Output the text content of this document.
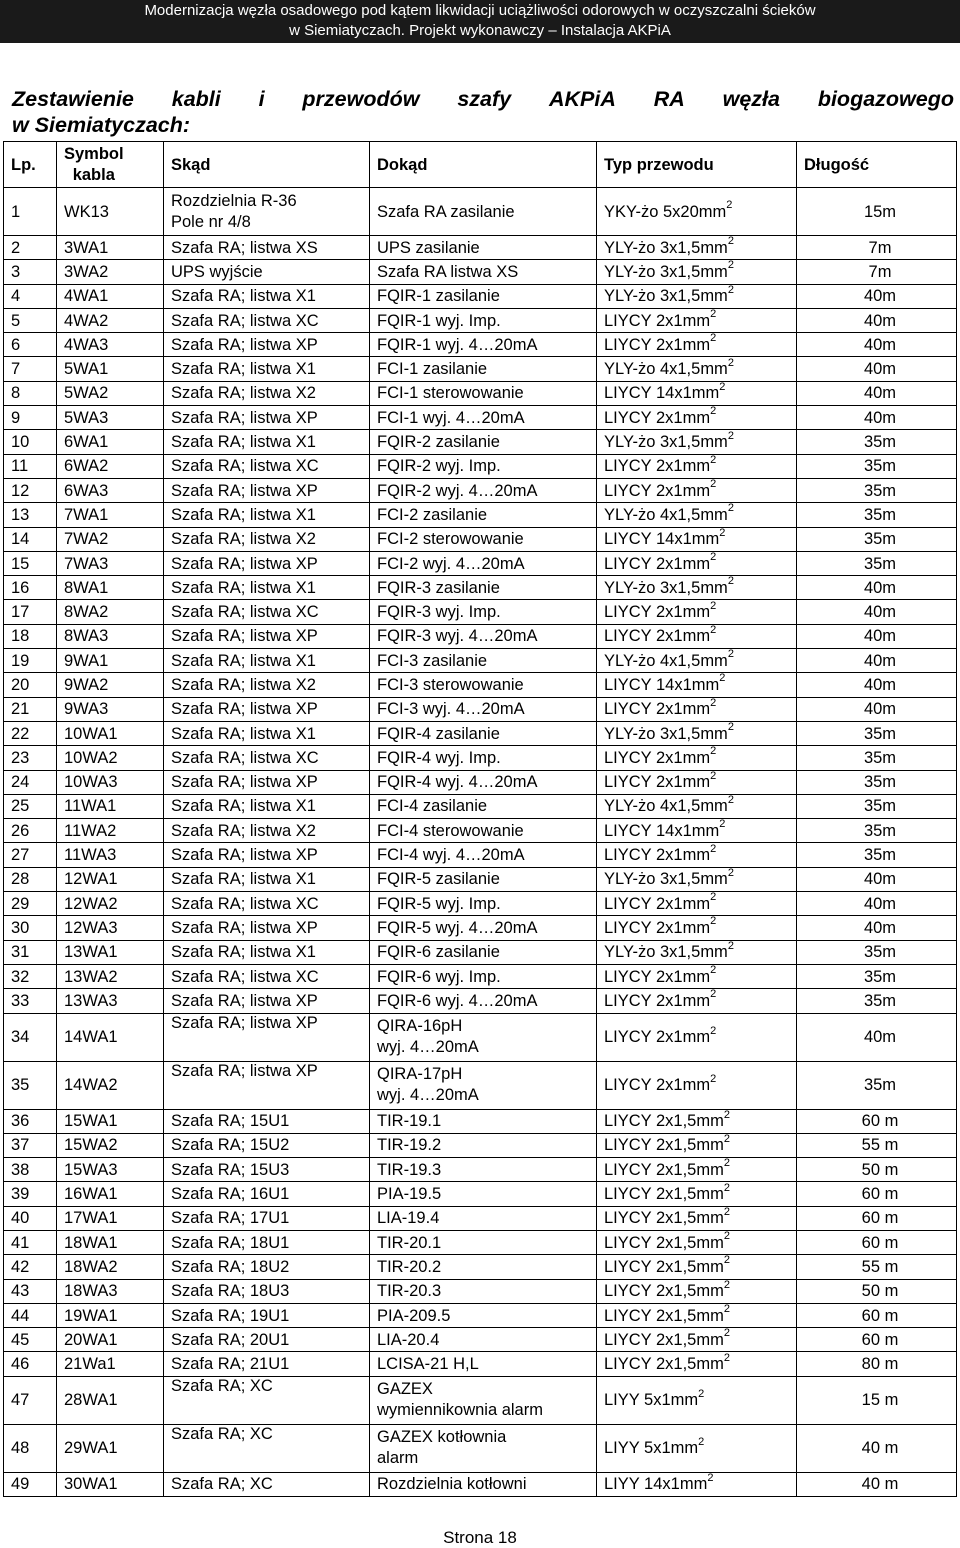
Modernizacja węzła osadowego pod kątem likwidacji uciążliwości odorowych w oczyszczalni ścieków
w Siemiatyczach. Projekt wykonawczy – Instalacja AKPiA
Zestawienie kabli i przewodów szafy AKPiA RA węzła biogazowego
w Siemiatyczach:
Lp.	Symbol
kabla	Skąd	Dokąd	Typ przewodu	Długość
1	WK13	Rozdzielnia R-36
Pole nr 4/8	Szafa RA zasilanie	YKY-żo $5x20mm^2$	15m
2	3WA1	Szafa RA; listwa XS	UPS zasilanie	YLY-żo $3x1,5mm^2$	7m
3	3WA2	UPS wyjście	Szafa RA listwa XS	YLY-żo $3x1,5mm^2$	7m
4	4WA1	Szafa RA; listwa X1	FQIR-1 zasilanie	YLY-żo $3x1,5mm^2$	40m
5	4WA2	Szafa RA; listwa XC	FQIR-1 wyj. Imp.	LIYCY $2x1mm^2$	40m
6	4WA3	Szafa RA; listwa XP	FQIR-1 wyj. 4…20mA	LIYCY $2x1mm^2$	40m
7	5WA1	Szafa RA; listwa X1	FCI-1 zasilanie	YLY-żo $4x1,5mm^2$	40m
8	5WA2	Szafa RA; listwa X2	FCI-1 sterowowanie	LIYCY $14x1mm^2$	40m
9	5WA3	Szafa RA; listwa XP	FCI-1 wyj. 4…20mA	LIYCY $2x1mm^2$	40m
10	6WA1	Szafa RA; listwa X1	FQIR-2 zasilanie	YLY-żo $3x1,5mm^2$	35m
11	6WA2	Szafa RA; listwa XC	FQIR-2 wyj. Imp.	LIYCY $2x1mm^2$	35m
12	6WA3	Szafa RA; listwa XP	FQIR-2 wyj. 4…20mA	LIYCY $2x1mm^2$	35m
13	7WA1	Szafa RA; listwa X1	FCI-2 zasilanie	YLY-żo $4x1,5mm^2$	35m
14	7WA2	Szafa RA; listwa X2	FCI-2 sterowowanie	LIYCY $14x1mm^2$	35m
15	7WA3	Szafa RA; listwa XP	FCI-2 wyj. 4…20mA	LIYCY $2x1mm^2$	35m
16	8WA1	Szafa RA; listwa X1	FQIR-3 zasilanie	YLY-żo $3x1,5mm^2$	40m
17	8WA2	Szafa RA; listwa XC	FQIR-3 wyj. Imp.	LIYCY $2x1mm^2$	40m
18	8WA3	Szafa RA; listwa XP	FQIR-3 wyj. 4…20mA	LIYCY $2x1mm^2$	40m
19	9WA1	Szafa RA; listwa X1	FCI-3 zasilanie	YLY-żo $4x1,5mm^2$	40m
20	9WA2	Szafa RA; listwa X2	FCI-3 sterowowanie	LIYCY $14x1mm^2$	40m
21	9WA3	Szafa RA; listwa XP	FCI-3 wyj. 4…20mA	LIYCY $2x1mm^2$	40m
22	10WA1	Szafa RA; listwa X1	FQIR-4 zasilanie	YLY-żo $3x1,5mm^2$	35m
23	10WA2	Szafa RA; listwa XC	FQIR-4 wyj. Imp.	LIYCY $2x1mm^2$	35m
24	10WA3	Szafa RA; listwa XP	FQIR-4 wyj. 4…20mA	LIYCY $2x1mm^2$	35m
25	11WA1	Szafa RA; listwa X1	FCI-4 zasilanie	YLY-żo $4x1,5mm^2$	35m
26	11WA2	Szafa RA; listwa X2	FCI-4 sterowowanie	LIYCY $14x1mm^2$	35m
27	11WA3	Szafa RA; listwa XP	FCI-4 wyj. 4…20mA	LIYCY $2x1mm^2$	35m
28	12WA1	Szafa RA; listwa X1	FQIR-5 zasilanie	YLY-żo $3x1,5mm^2$	40m
29	12WA2	Szafa RA; listwa XC	FQIR-5 wyj. Imp.	LIYCY $2x1mm^2$	40m
30	12WA3	Szafa RA; listwa XP	FQIR-5 wyj. 4…20mA	LIYCY $2x1mm^2$	40m
31	13WA1	Szafa RA; listwa X1	FQIR-6 zasilanie	YLY-żo $3x1,5mm^2$	35m
32	13WA2	Szafa RA; listwa XC	FQIR-6 wyj. Imp.	LIYCY $2x1mm^2$	35m
33	13WA3	Szafa RA; listwa XP	FQIR-6 wyj. 4…20mA	LIYCY $2x1mm^2$	35m
34	14WA1	Szafa RA; listwa XP	QIRA-16pH
wyj. 4…20mA	LIYCY $2x1mm^2$	40m
35	14WA2	Szafa RA; listwa XP	QIRA-17pH
wyj. 4…20mA	LIYCY $2x1mm^2$	35m
36	15WA1	Szafa RA; 15U1	TIR-19.1	LIYCY $2x1,5mm^2$	60 m
37	15WA2	Szafa RA; 15U2	TIR-19.2	LIYCY $2x1,5mm^2$	55 m
38	15WA3	Szafa RA; 15U3	TIR-19.3	LIYCY $2x1,5mm^2$	50 m
39	16WA1	Szafa RA; 16U1	PIA-19.5	LIYCY $2x1,5mm^2$	60 m
40	17WA1	Szafa RA; 17U1	LIA-19.4	LIYCY $2x1,5mm^2$	60 m
41	18WA1	Szafa RA; 18U1	TIR-20.1	LIYCY $2x1,5mm^2$	60 m
42	18WA2	Szafa RA; 18U2	TIR-20.2	LIYCY $2x1,5mm^2$	55 m
43	18WA3	Szafa RA; 18U3	TIR-20.3	LIYCY $2x1,5mm^2$	50 m
44	19WA1	Szafa RA; 19U1	PIA-209.5	LIYCY $2x1,5mm^2$	60 m
45	20WA1	Szafa RA; 20U1	LIA-20.4	LIYCY $2x1,5mm^2$	60 m
46	21Wa1	Szafa RA; 21U1	LCISA-21 H,L	LIYCY $2x1,5mm^2$	80 m
47	28WA1	Szafa RA; XC	GAZEX
wymiennikownia alarm	LIYY $5x1mm^2$	15 m
48	29WA1	Szafa RA; XC	GAZEX kotłownia
alarm	LIYY $5x1mm^2$	40 m
49	30WA1	Szafa RA; XC	Rozdzielnia kotłowni	LIYY $14x1mm^2$	40 m
Strona 18
